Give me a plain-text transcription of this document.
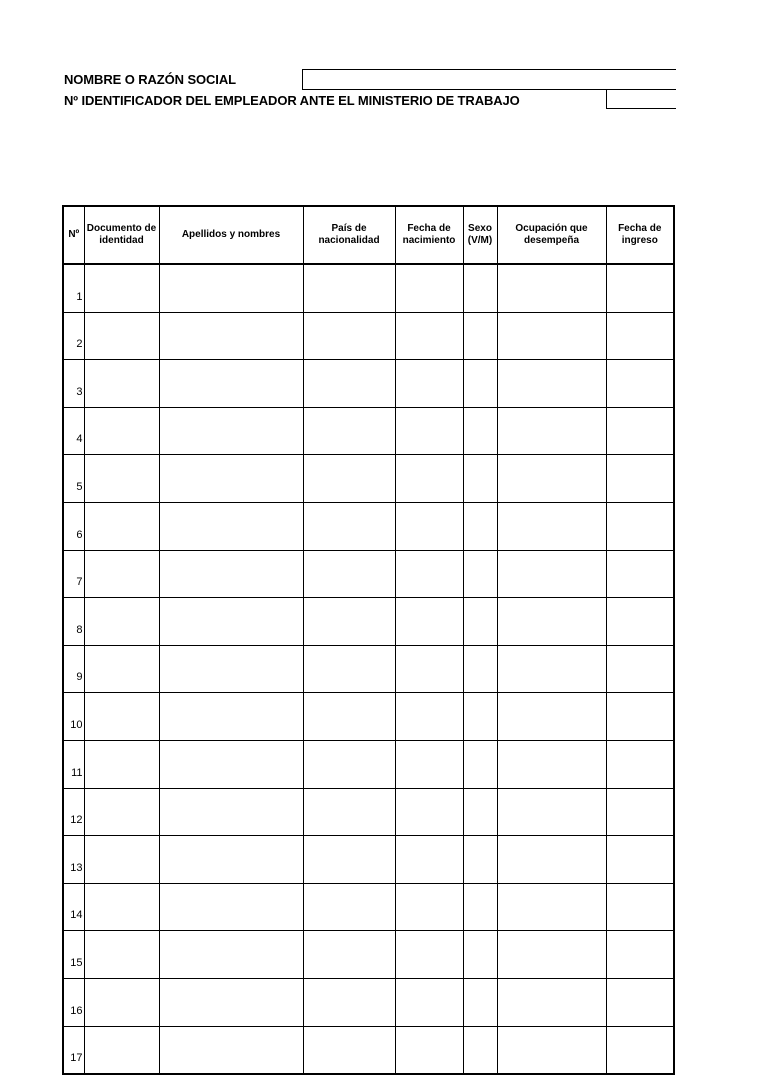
NOMBRE O RAZÓN SOCIAL
Nº IDENTIFICADOR DEL EMPLEADOR ANTE EL MINISTERIO DE TRABAJO
Nº	Documento de identidad	Apellidos y nombres	País de nacionalidad	Fecha de nacimiento	Sexo (V/M)	Ocupación que desempeña	Fecha de ingreso
1							
2							
3							
4							
5							
6							
7							
8							
9							
10							
11							
12							
13							
14							
15							
16							
17							
